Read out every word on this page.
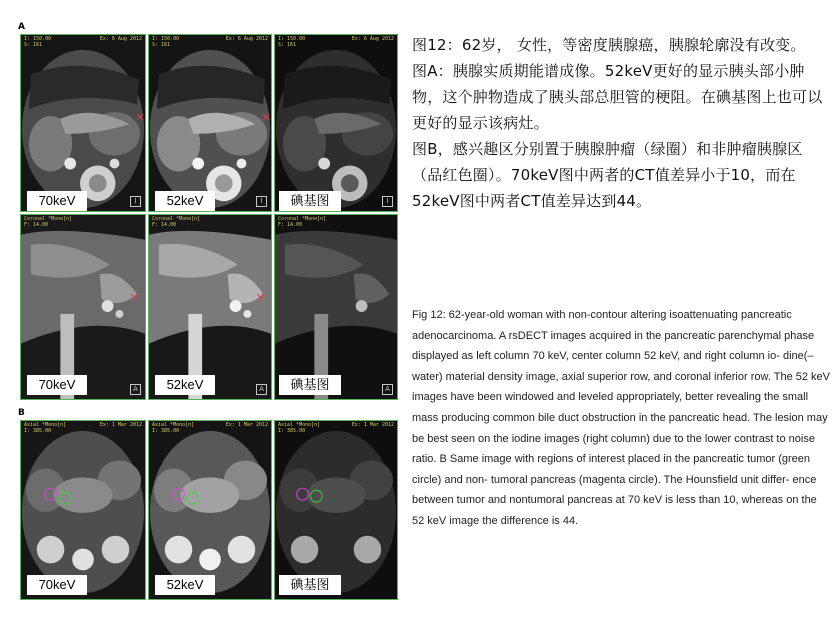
A
B
I: 150.00
S: 161
Ex: 6 Aug 2012
70keV	I
I: 150.00
S: 161
Ex: 6 Aug 2012
52keV	I
I: 150.00
S: 161
Ex: 6 Aug 2012
碘基图	I
Coronal *Mono[n]
F: 14.00
70keV	A
Coronal *Mono[n]
F: 14.00
52keV	A
Coronal *Mono[n]
F: 14.00
碘基图	A
Axial *Mono[n]
I: 385.00
Ex: 1 Mar 2012
70keV
Axial *Mono[n]
I: 385.00
Ex: 1 Mar 2012
52keV
Axial *Mono[n]
I: 385.00
Ex: 1 Mar 2012
碘基图

图12：62岁， 女性，等密度胰腺癌，胰腺轮廓没有改变。

图A：胰腺实质期能谱成像。52keV更好的显示胰头部小肿物，这个肿物造成了胰头部总胆管的梗阻。在碘基图上也可以更好的显示该病灶。

图B，感兴趣区分别置于胰腺肿瘤（绿圈）和非肿瘤胰腺区（品红色圈）。70keV图中两者的CT值差异小于10，而在52keV图中两者CT值差异达到44。

Fig 12: 62-year-old woman with non-contour altering isoattenuating pancreatic adenocarcinoma. A rsDECT images acquired in the pancreatic parenchymal phase displayed as left column 70 keV, center column 52 keV, and right column io- dine(–water) material density image, axial superior row, and coronal inferior row. The 52 keV images have been windowed and leveled appropriately, better revealing the small mass producing common bile duct obstruction in the pancreatic head. The lesion may be best seen on the iodine images (right column) due to the lower contrast to noise ratio. B Same image with regions of interest placed in the pancreatic tumor (green circle) and non- tumoral pancreas (magenta circle). The Hounsfield unit differ- ence between tumor and nontumoral pancreas at 70 keV is less than 10, whereas on the 52 keV image the difference is 44.
